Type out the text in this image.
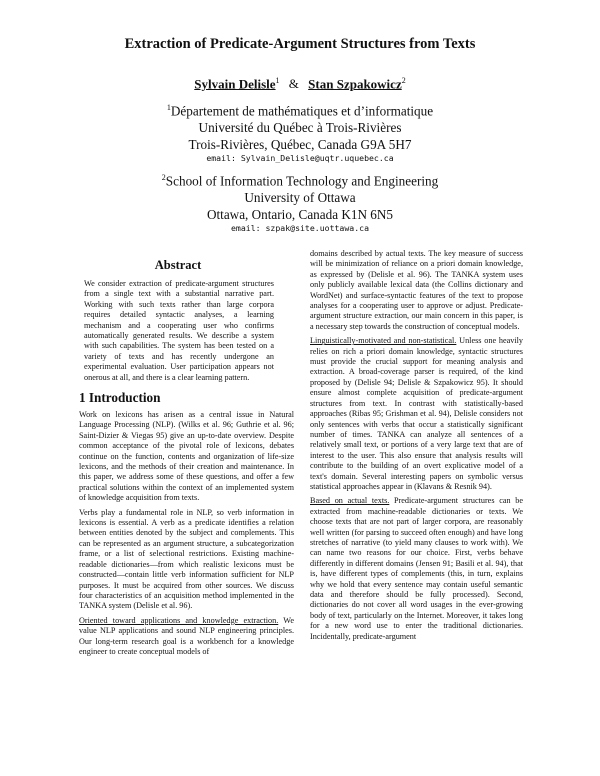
Extraction of Predicate-Argument Structures from Texts
Sylvain Delisle$^1$ & Stan Szpakowicz$^2$
$^1$Département de mathématiques et d’informatique
Université du Québec à Trois-Rivières
Trois-Rivières, Québec, Canada G9A 5H7
email: Sylvain_Delisle@uqtr.uquebec.ca
$^2$School of Information Technology and Engineering
University of Ottawa
Ottawa, Ontario, Canada K1N 6N5
email: szpak@site.uottawa.ca
Abstract

We consider extraction of predicate-argument structures from a single text with a substantial narrative part. Working with such texts rather than large corpora requires detailed syntactic analyses, a learning mechanism and a cooperating user who confirms automatically generated results. We describe a system with such capabilities. The system has been tested on a variety of texts and has recently undergone an experimental evaluation. User participation appears not onerous at all, and there is a clear learning pattern.

1 Introduction

Work on lexicons has arisen as a central issue in Natural Language Processing (NLP). (Wilks et al. 96; Guthrie et al. 96; Saint-Dizier & Viegas 95) give an up-to-date overview. Despite common acceptance of the pivotal role of lexicons, debates continue on the function, contents and organization of life-size lexicons, and the methods of their creation and maintenance. In this paper, we address some of these questions, and offer a few practical solutions within the context of an implemented system of knowledge acquisition from texts.

Verbs play a fundamental role in NLP, so verb information in lexicons is essential. A verb as a predicate identifies a relation between entities denoted by the subject and complements. This can be represented as an argument structure, a subcategorization frame, or a list of selectional restrictions. Existing machine-readable dictionaries—from which realistic lexicons must be constructed—contain little verb information sufficient for NLP purposes. It must be acquired from other sources. We discuss four characteristics of an acquisition method implemented in the TANKA system (Delisle et al. 96).

Oriented toward applications and knowledge extraction. We value NLP applications and sound NLP engineering principles. Our long-term research goal is a workbench for a knowledge engineer to create conceptual models of

domains described by actual texts. The key measure of success will be minimization of reliance on a priori domain knowledge, as expressed by (Delisle et al. 96). The TANKA system uses only publicly available lexical data (the Collins dictionary and WordNet) and surface-syntactic features of the text to propose analyses for a cooperating user to approve or adjust. Predicate-argument structure extraction, our main concern in this paper, is a necessary step towards the construction of conceptual models.

Linguistically-motivated and non-statistical. Unless one heavily relies on rich a priori domain knowledge, syntactic structures must provide the crucial support for meaning analysis and extraction. A broad-coverage parser is required, of the kind proposed by (Delisle 94; Delisle & Szpakowicz 95). It should ensure almost complete acquisition of predicate-argument structures from text. In contrast with statistically-based approaches (Ribas 95; Grishman et al. 94), Delisle considers not only sentences with verbs that occur a statistically significant number of times. TANKA can analyze all sentences of a relatively small text, or portions of a very large text that are of interest to the user. This also ensure that analysis results will contribute to the building of an overt explicative model of a text's domain. Several interesting papers on symbolic versus statistical approaches appear in (Klavans & Resnik 94).

Based on actual texts. Predicate-argument structures can be extracted from machine-readable dictionaries or texts. We choose texts that are not part of larger corpora, are reasonably well written (for parsing to succeed often enough) and have long stretches of narrative (to yield many clauses to work with). We can name two reasons for our choice. First, verbs behave differently in different domains (Jensen 91; Basili et al. 94), that is, have different types of complements (this, in turn, explains why we hold that every sentence may contain useful semantic data and therefore should be fully processed). Second, dictionaries do not cover all word usages in the ever-growing body of text, particularly on the Internet. Moreover, it takes long for a new word use to enter the traditional dictionaries. Incidentally, predicate-argument
